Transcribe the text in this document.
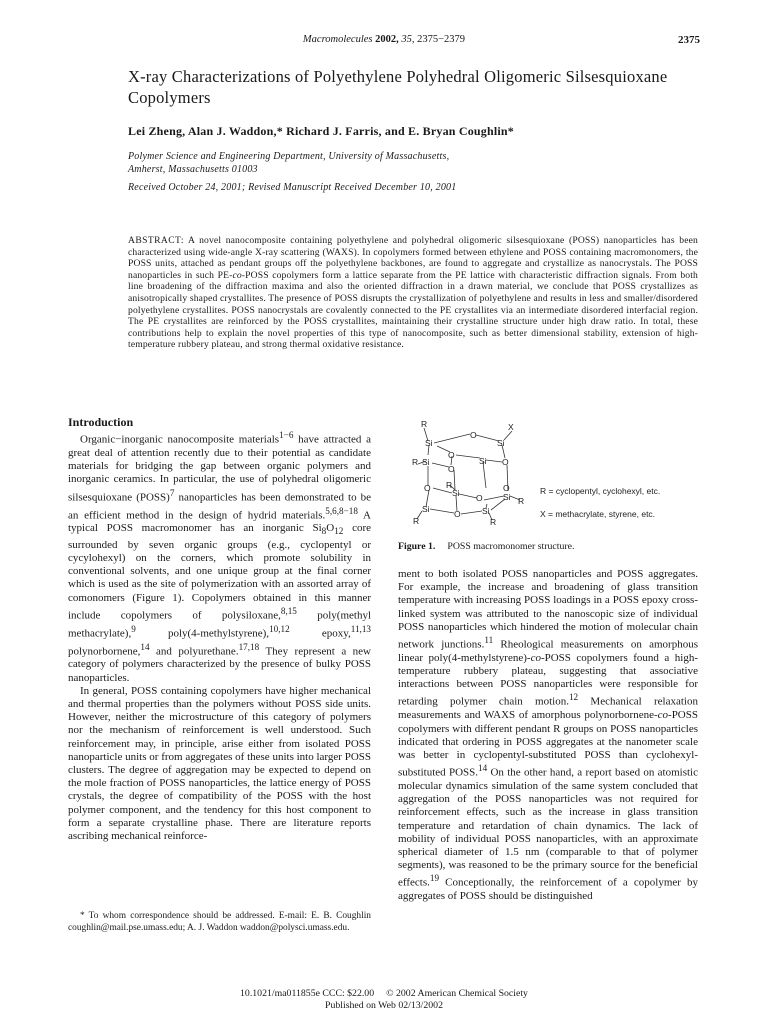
Macromolecules 2002, 35, 2375−2379	2375
X-ray Characterizations of Polyethylene Polyhedral Oligomeric Silsesquioxane Copolymers
Lei Zheng, Alan J. Waddon,* Richard J. Farris, and E. Bryan Coughlin*
Polymer Science and Engineering Department, University of Massachusetts,
Amherst, Massachusetts 01003
Received October 24, 2001; Revised Manuscript Received December 10, 2001
ABSTRACT: A novel nanocomposite containing polyethylene and polyhedral oligomeric silsesquioxane (POSS) nanoparticles has been characterized using wide-angle X-ray scattering (WAXS). In copolymers formed between ethylene and POSS containing macromonomers, the POSS units, attached as pendant groups off the polyethylene backbones, are found to aggregate and crystallize as nanocrystals. The POSS nanoparticles in such PE-co-POSS copolymers form a lattice separate from the PE lattice with characteristic diffraction signals. From both line broadening of the diffraction maxima and also the oriented diffraction in a drawn material, we conclude that POSS crystallizes as anisotropically shaped crystallites. The presence of POSS disrupts the crystallization of polyethylene and results in less and smaller/disordered polyethylene crystallites. POSS nanocrystals are covalently connected to the PE crystallites via an intermediate disordered interfacial region. The PE crystallites are reinforced by the POSS crystallites, maintaining their crystalline structure under high draw ratio. In total, these contributions help to explain the novel properties of this type of nanocomposite, such as better dimensional stability, extension of high-temperature rubbery plateau, and strong thermal oxidative resistance.

Introduction

Organic−inorganic nanocomposite materials$^{1-6}$ have attracted a great deal of attention recently due to their potential as candidate materials for bridging the gap between organic polymers and inorganic ceramics. In particular, the use of polyhedral oligomeric silsesquioxane (POSS)$^7$ nanoparticles has been demonstrated to be an efficient method in the design of hydrid materials.$^{5,6,8-18}$ A typical POSS macromonomer has an inorganic $Si_8O_{12}$ core surrounded by seven organic groups (e.g., cyclopentyl or cycylohexyl) on the corners, which promote solubility in conventional solvents, and one unique group at the final corner which is used as the site of polymerization with an assorted array of comonomers (Figure 1). Copolymers obtained in this manner include copolymers of polysiloxane,$^{8,15}$ poly(methyl methacrylate),$^9$ poly(4-methylstyrene),$^{10,12}$ epoxy,$^{11,13}$ polynorbornene,$^{14}$ and polyurethane.$^{17,18}$ They represent a new category of polymers characterized by the presence of bulky POSS nanoparticles.

In general, POSS containing copolymers have higher mechanical and thermal properties than the polymers without POSS side units. However, neither the microstructure of this category of polymers nor the mechanism of reinforcement is well understood. Such reinforcement may, in principle, arise either from isolated POSS nanoparticle units or from aggregates of these units into larger POSS clusters. The degree of aggregation may be expected to depend on the mole fraction of POSS nanoparticles, the lattice energy of POSS crystals, the degree of compatibility of the POSS with the host polymer component, and the tendency for this host component to form a separate crystalline phase. There are literature reports ascribing mechanical reinforce-

* To whom correspondence should be addressed. E-mail: E. B. Coughlin coughlin@mail.pse.umass.edu; A. J. Waddon waddon@polysci.umass.edu.

R	X
O
Si	Si
R Si
O
Si O
O
O R
Si O Si R
O
Si	O	Si
R	R
R = cyclopentyl, cyclohexyl, etc.
X = methacrylate, styrene, etc.
Figure 1. POSS macromonomer structure.

ment to both isolated POSS nanoparticles and POSS aggregates. For example, the increase and broadening of glass transition temperature with increasing POSS loadings in a POSS epoxy cross-linked system was attributed to the nanoscopic size of individual POSS nanoparticles which hindered the motion of molecular chain network junctions.$^{11}$ Rheological measurements on amorphous linear poly(4-methylstyrene)-co-POSS copolymers found a high-temperature rubbery plateau, suggesting that associative interactions between POSS nanoparticles were responsible for retarding polymer chain motion.$^{12}$ Mechanical relaxation measurements and WAXS of amorphous polynorbornene-co-POSS copolymers with different pendant R groups on POSS nanoparticles indicated that ordering in POSS aggregates at the nanometer scale was better in cyclopentyl-substituted POSS than cyclohexyl-substituted POSS.$^{14}$ On the other hand, a report based on atomistic molecular dynamics simulation of the same system concluded that aggregation of the POSS nanoparticles was not required for reinforcement effects, such as the increase in glass transition temperature and retardation of chain dynamics. The lack of mobility of individual POSS nanoparticles, with an approximate spherical diameter of 1.5 nm (comparable to that of polymer segments), was reasoned to be the primary source for the beneficial effects.$^{19}$ Conceptionally, the reinforcement of a copolymer by aggregates of POSS should be distinguished

10.1021/ma011855e CCC: $22.00 © 2002 American Chemical Society
Published on Web 02/13/2002
